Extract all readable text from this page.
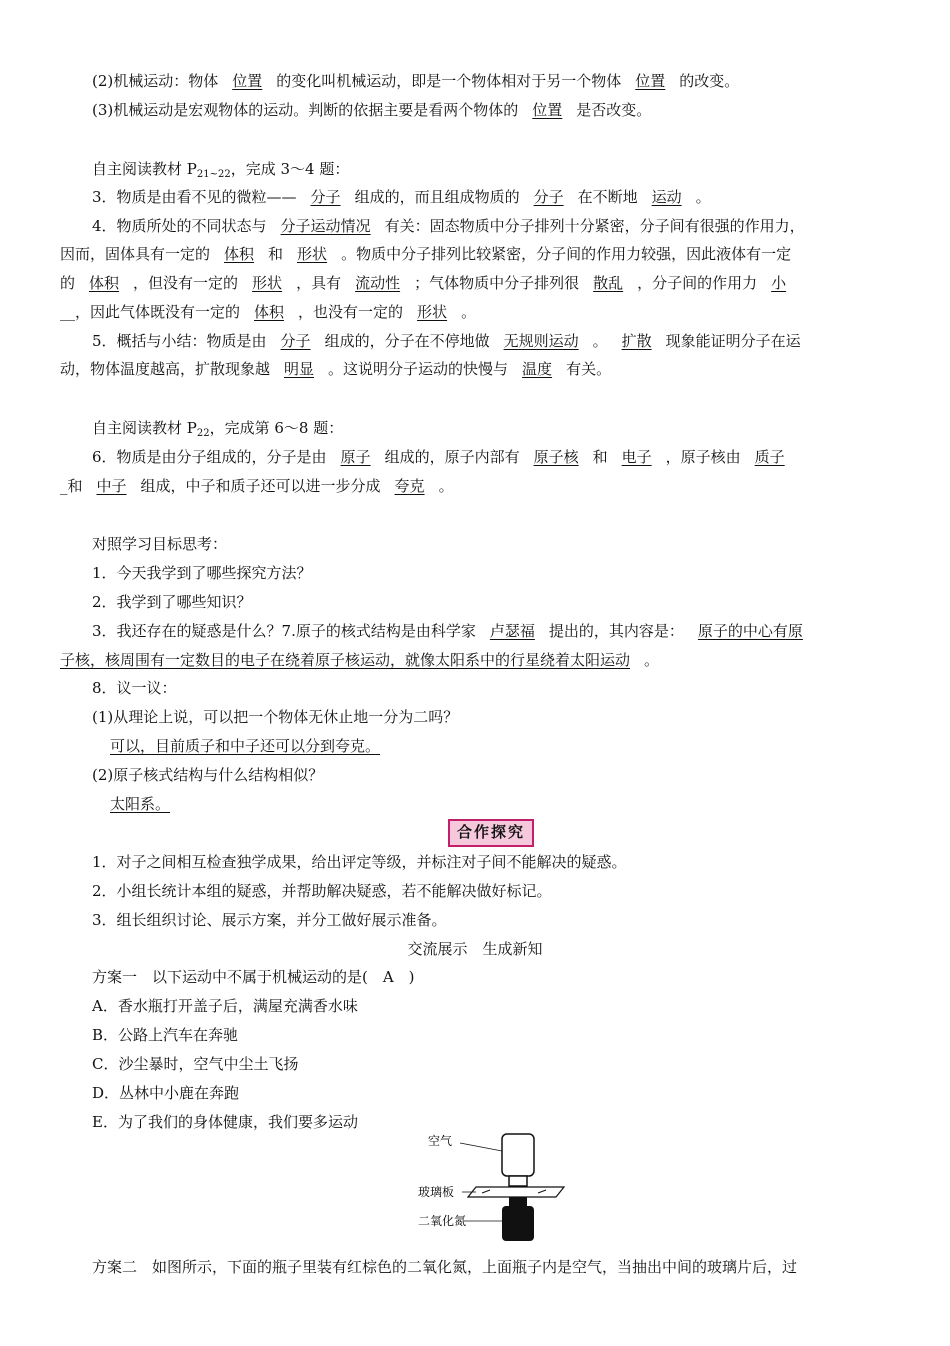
(2)机械运动：物体 位置 的变化叫机械运动，即是一个物体相对于另一个物体 位置 的改变。
(3)机械运动是宏观物体的运动。判断的依据主要是看两个物体的 位置 是否改变。
自主阅读教材 $P_{21\sim 22}$，完成 3～4 题：
3．物质是由看不见的微粒—— 分子 组成的，而且组成物质的 分子 在不断地 运动 。
4．物质所处的不同状态与 分子运动情况 有关：固态物质中分子排列十分紧密，分子间有很强的作用力，
因而，固体具有一定的 体积 和 形状 。物质中分子排列比较紧密，分子间的作用力较强，因此液体有一定
的 体积 ，但没有一定的 形状 ，具有 流动性 ；气体物质中分子排列很 散乱 ，分子间的作用力 小
__，因此气体既没有一定的 体积 ，也没有一定的 形状 。
5．概括与小结：物质是由 分子 组成的，分子在不停地做 无规则运动 。 扩散 现象能证明分子在运
动，物体温度越高，扩散现象越 明显 。这说明分子运动的快慢与 温度 有关。
自主阅读教材 $P_{22}$，完成第 6～8 题：
6．物质是由分子组成的，分子是由 原子 组成的，原子内部有 原子核 和 电子 ，原子核由 质子
_和 中子 组成，中子和质子还可以进一步分成 夸克 。
对照学习目标思考：
1．今天我学到了哪些探究方法？
2．我学到了哪些知识？
3．我还存在的疑惑是什么？7.原子的核式结构是由科学家 卢瑟福 提出的，其内容是： 原子的中心有原
子核，核周围有一定数目的电子在绕着原子核运动，就像太阳系中的行星绕着太阳运动 。
8．议一议：
(1)从理论上说，可以把一个物体无休止地一分为二吗？
可以，目前质子和中子还可以分到夸克。
(2)原子核式结构与什么结构相似？
太阳系。
合作探究
1．对子之间相互检查独学成果，给出评定等级，并标注对子间不能解决的疑惑。
2．小组长统计本组的疑惑，并帮助解决疑惑，若不能解决做好标记。
3．组长组织讨论、展示方案，并分工做好展示准备。
交流展示　生成新知
方案一　以下运动中不属于机械运动的是(　A　)
A．香水瓶打开盖子后，满屋充满香水味
B．公路上汽车在奔驰
C．沙尘暴时，空气中尘土飞扬
D．丛林中小鹿在奔跑
E．为了我们的身体健康，我们要多运动
空气
玻璃板
二氧化氮
方案二　如图所示，下面的瓶子里装有红棕色的二氧化氮，上面瓶子内是空气，当抽出中间的玻璃片后，过
